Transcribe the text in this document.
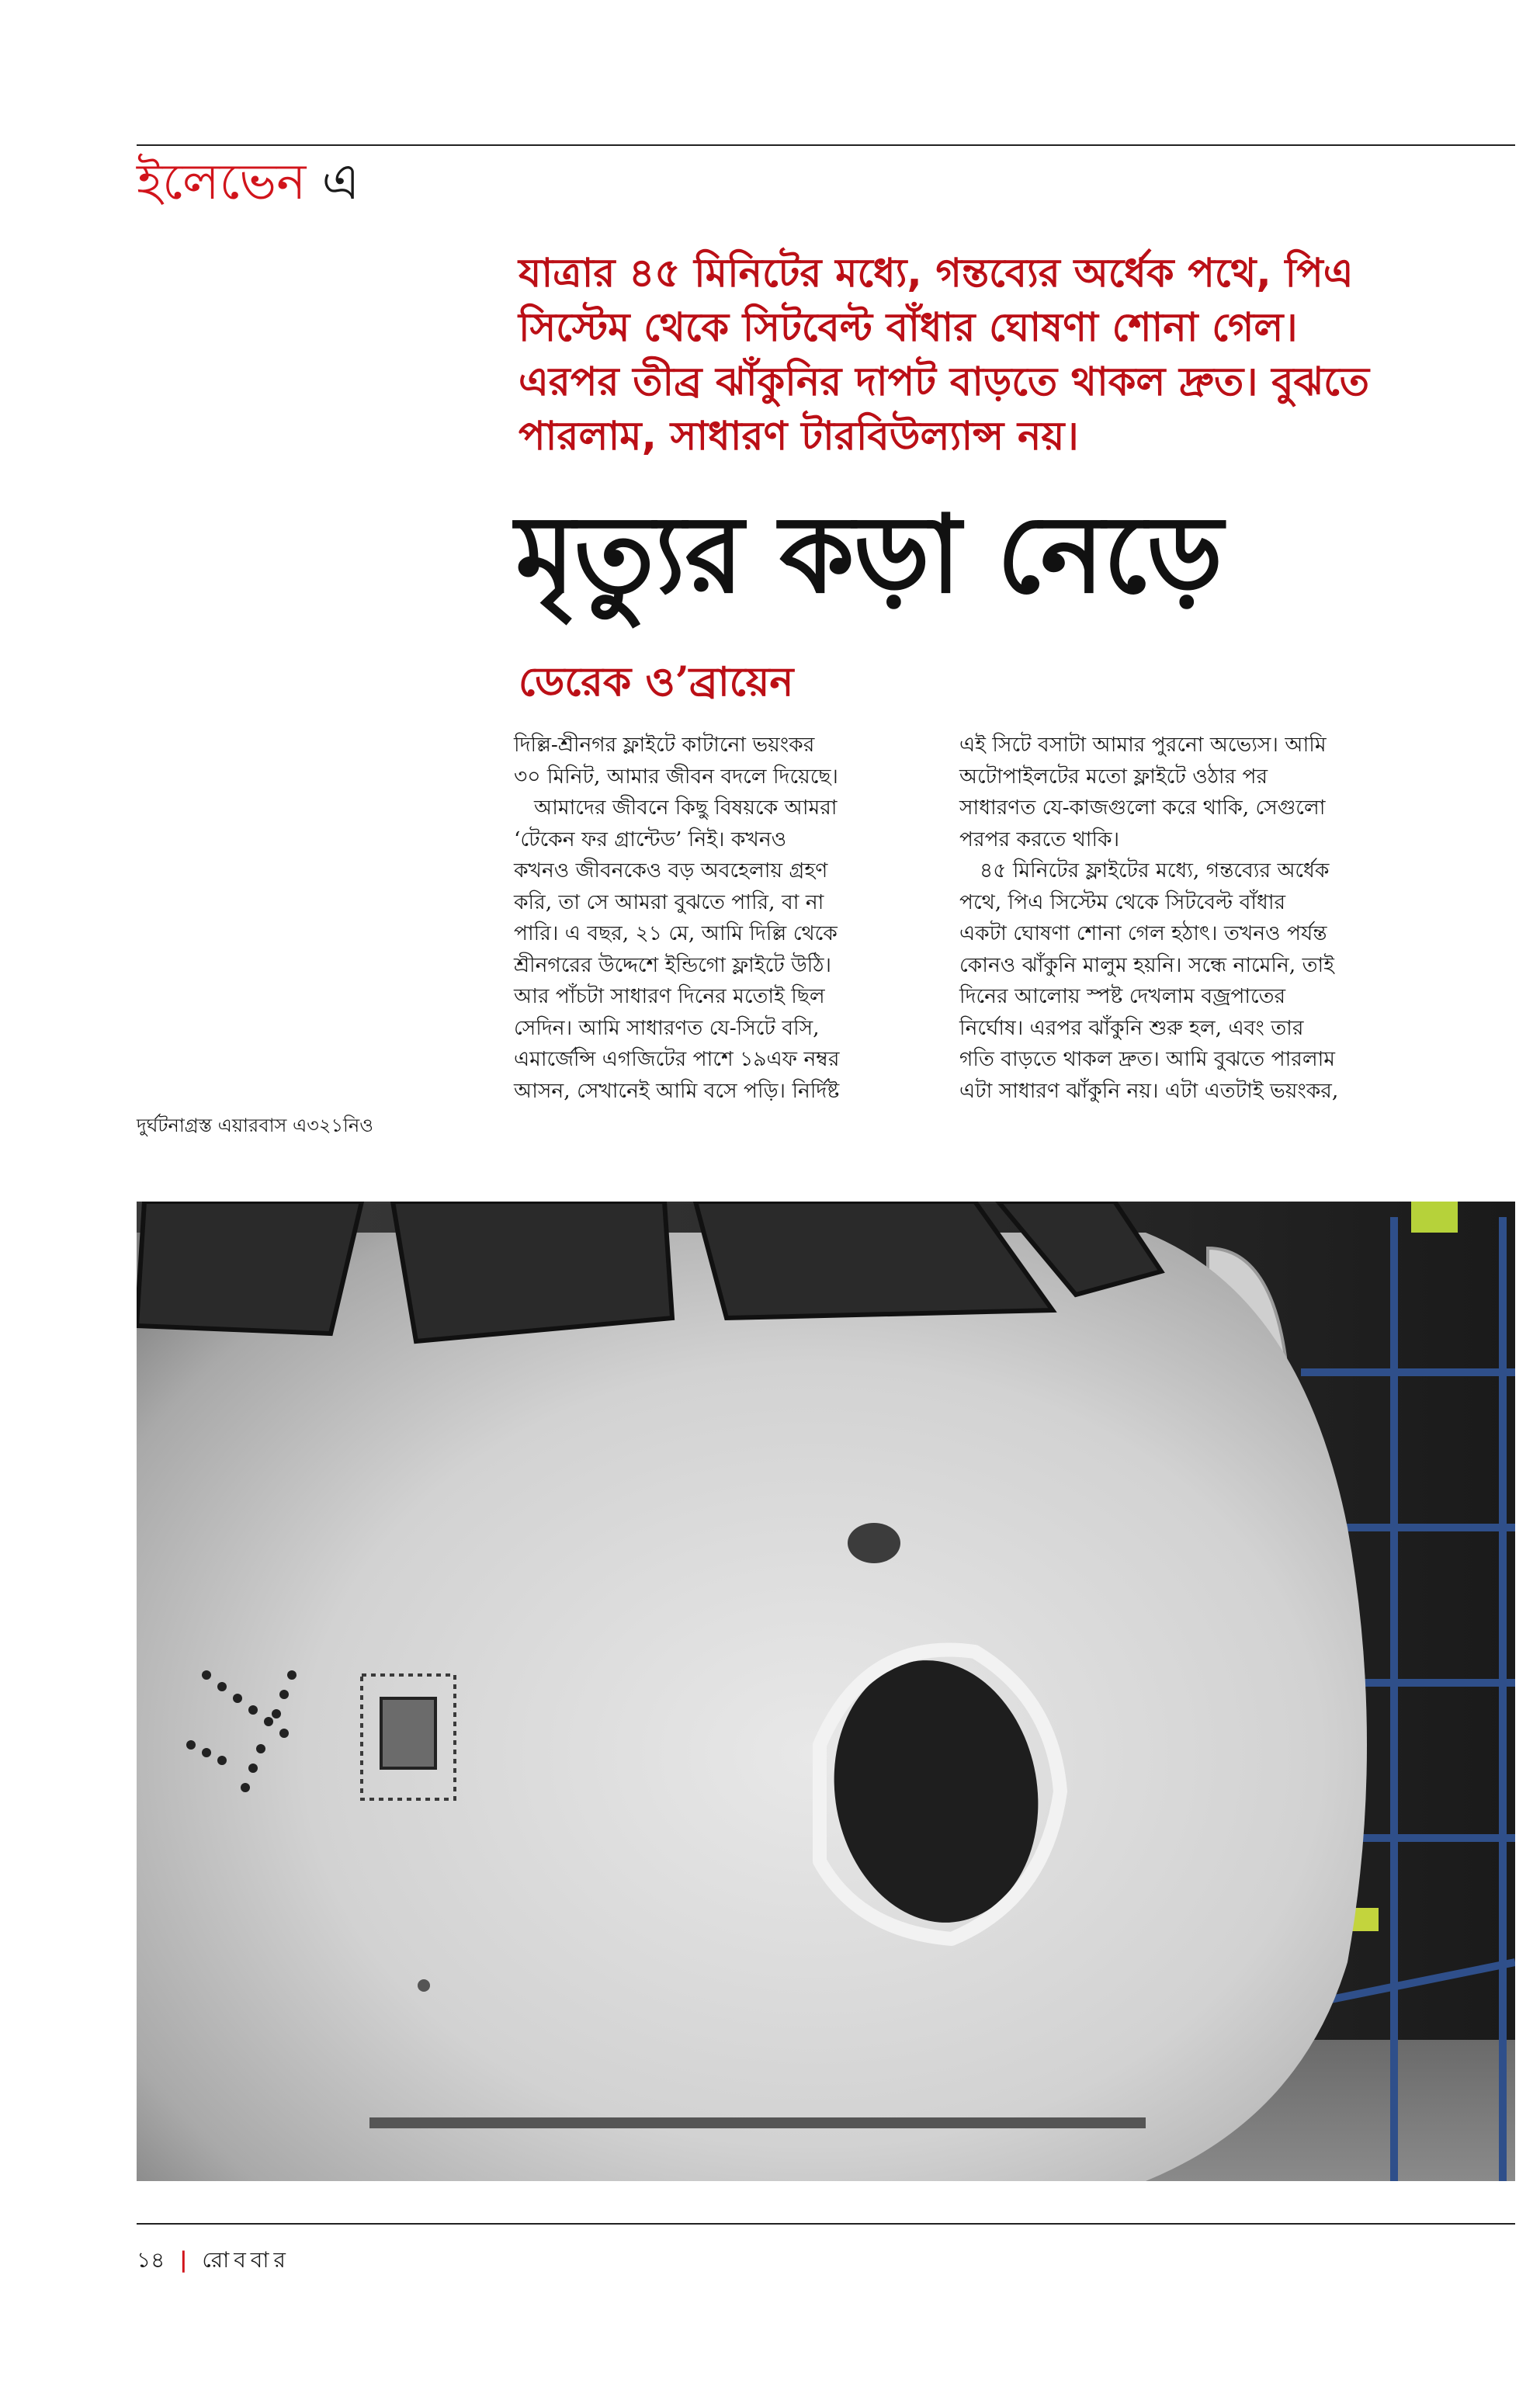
ইলেভেন এ
যাত্রার ৪৫ মিনিটের মধ্যে, গন্তব্যের অর্ধেক পথে, পিএ
সিস্টেম থেকে সিটবেল্ট বাঁধার ঘোষণা শোনা গেল।
এরপর তীব্র ঝাঁকুনির দাপট বাড়তে থাকল দ্রুত। বুঝতে
পারলাম, সাধারণ টারবিউল্যান্স নয়।
মৃত্যুর কড়া নেড়ে
ডেরেক ও’ব্রায়েন

দিল্লি-শ্রীনগর ফ্লাইটে কাটানো ভয়ংকর

৩০ মিনিট, আমার জীবন বদলে দিয়েছে।

আমাদের জীবনে কিছু বিষয়কে আমরা

‘টেকেন ফর গ্রান্টেড’ নিই। কখনও

কখনও জীবনকেও বড় অবহেলায় গ্রহণ

করি, তা সে আমরা বুঝতে পারি, বা না

পারি। এ বছর, ২১ মে, আমি দিল্লি থেকে

শ্রীনগরের উদ্দেশে ইন্ডিগো ফ্লাইটে উঠি।

আর পাঁচটা সাধারণ দিনের মতোই ছিল

সেদিন। আমি সাধারণত যে-সিটে বসি,

এমার্জেন্সি এগজিটের পাশে ১৯এফ নম্বর

আসন, সেখানেই আমি বসে পড়ি। নির্দিষ্ট

এই সিটে বসাটা আমার পুরনো অভ্যেস। আমি

অটোপাইলটের মতো ফ্লাইটে ওঠার পর

সাধারণত যে-কাজগুলো করে থাকি, সেগুলো

পরপর করতে থাকি।

৪৫ মিনিটের ফ্লাইটের মধ্যে, গন্তব্যের অর্ধেক

পথে, পিএ সিস্টেম থেকে সিটবেল্ট বাঁধার

একটা ঘোষণা শোনা গেল হঠাৎ। তখনও পর্যন্ত

কোনও ঝাঁকুনি মালুম হয়নি। সন্ধে নামেনি, তাই

দিনের আলোয় স্পষ্ট দেখলাম বজ্রপাতের

নির্ঘোষ। এরপর ঝাঁকুনি শুরু হল, এবং তার

গতি বাড়তে থাকল দ্রুত। আমি বুঝতে পারলাম

এটা সাধারণ ঝাঁকুনি নয়। এটা এতটাই ভয়ংকর,

দুর্ঘটনাগ্রস্ত এয়ারবাস এ৩২১নিও
১৪ | রোববার
